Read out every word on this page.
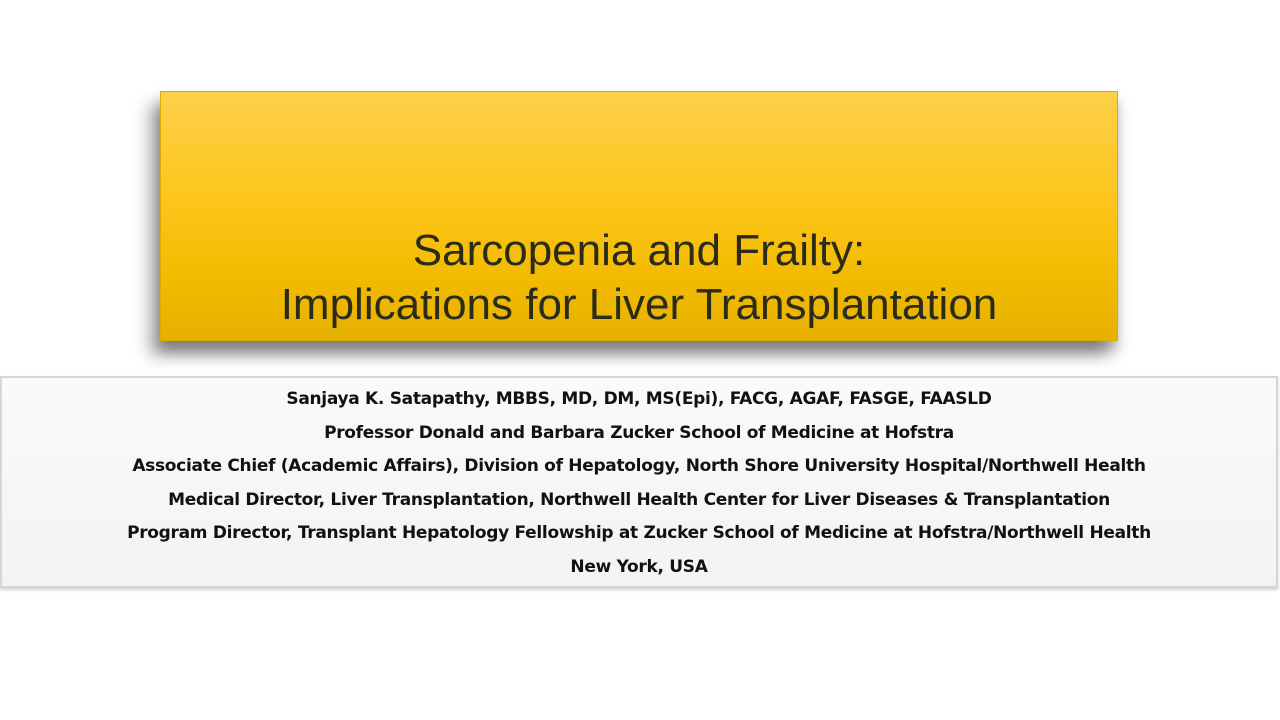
Sarcopenia and Frailty:
Implications for Liver Transplantation
Sanjaya K. Satapathy, MBBS, MD, DM, MS(Epi), FACG, AGAF, FASGE, FAASLD
Professor Donald and Barbara Zucker School of Medicine at Hofstra
Associate Chief (Academic Affairs), Division of Hepatology, North Shore University Hospital/Northwell Health
Medical Director, Liver Transplantation, Northwell Health Center for Liver Diseases & Transplantation
Program Director, Transplant Hepatology Fellowship at Zucker School of Medicine at Hofstra/Northwell Health
New York, USA
